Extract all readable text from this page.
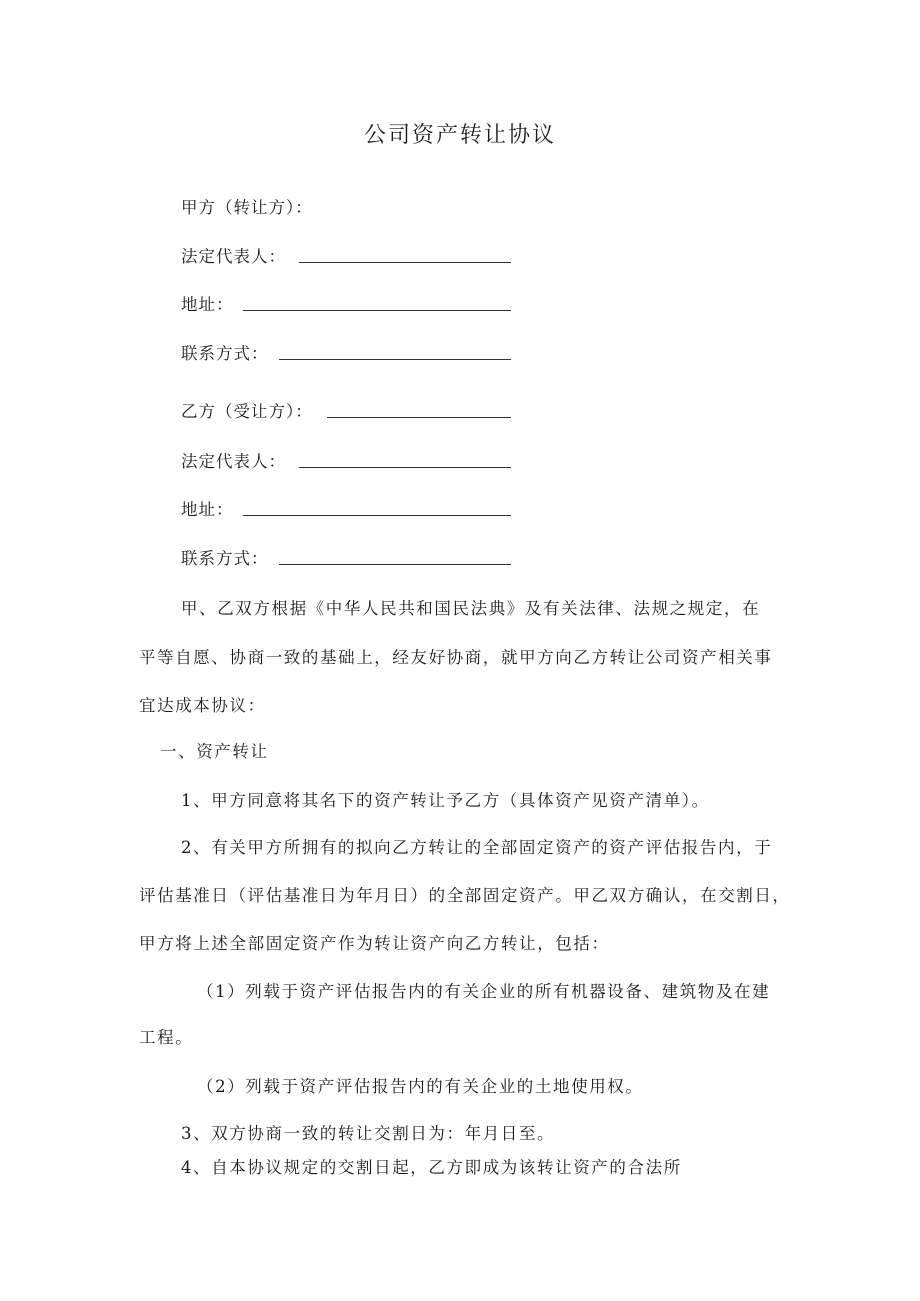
公司资产转让协议
甲方（转让方）：
法定代表人：
地址：
联系方式：
乙方（受让方）：
法定代表人：
地址：
联系方式：
甲、乙双方根据《中华人民共和国民法典》及有关法律、法规之规定，在
平等自愿、协商一致的基础上，经友好协商，就甲方向乙方转让公司资产相关事
宜达成本协议：
一、资产转让
1、甲方同意将其名下的资产转让予乙方（具体资产见资产清单）。
2、有关甲方所拥有的拟向乙方转让的全部固定资产的资产评估报告内，于
评估基准日（评估基准日为年月日）的全部固定资产。甲乙双方确认，在交割日，
甲方将上述全部固定资产作为转让资产向乙方转让，包括：
（1）列载于资产评估报告内的有关企业的所有机器设备、建筑物及在建
工程。
（2）列载于资产评估报告内的有关企业的土地使用权。
3、双方协商一致的转让交割日为：年月日至。
4、自本协议规定的交割日起，乙方即成为该转让资产的合法所
